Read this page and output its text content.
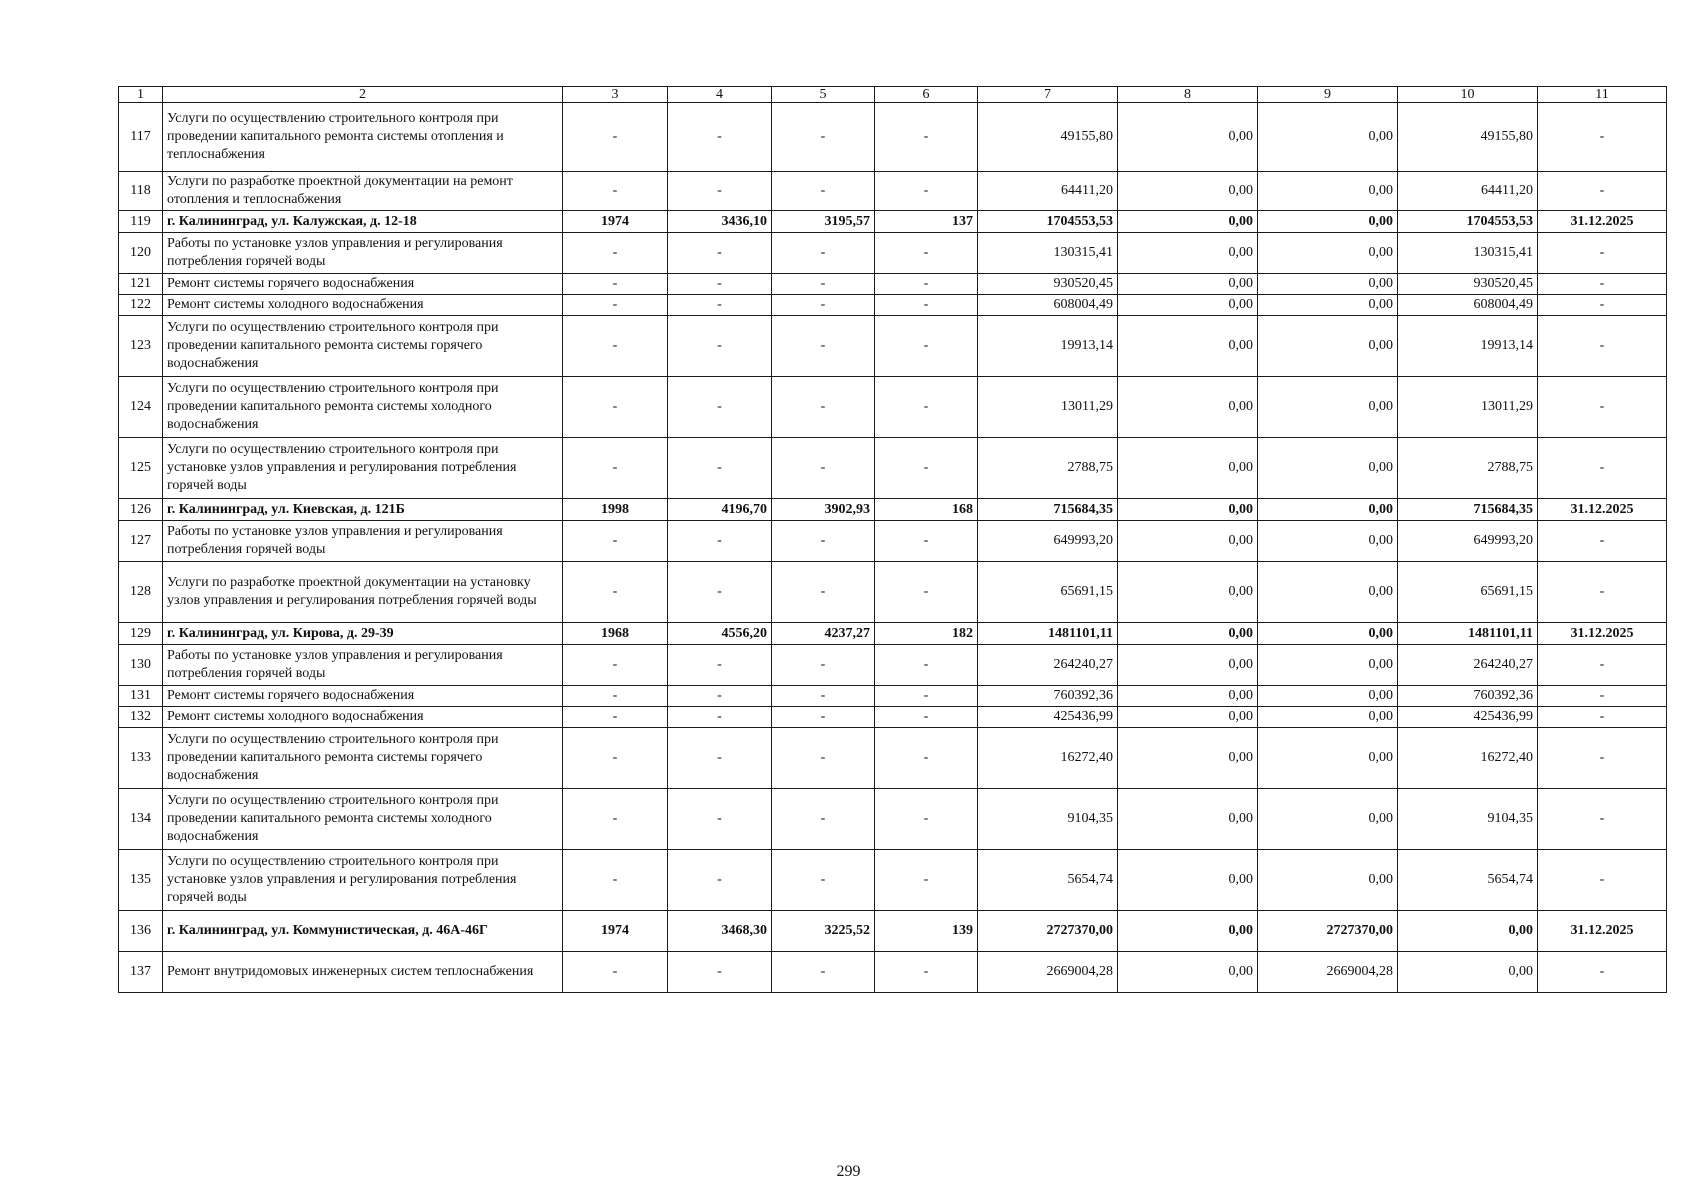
1	2	3	4	5	6	7	8	9	10	11
117	Услуги по осуществлению строительного контроля при проведении капитального ремонта системы отопления и теплоснабжения	-	-	-	-	49155,80	0,00	0,00	49155,80	-
118	Услуги по разработке проектной документации на ремонт отопления и теплоснабжения	-	-	-	-	64411,20	0,00	0,00	64411,20	-
119	г. Калининград, ул. Калужская, д. 12-18	1974	3436,10	3195,57	137	1704553,53	0,00	0,00	1704553,53	31.12.2025
120	Работы по установке узлов управления и регулирования потребления горячей воды	-	-	-	-	130315,41	0,00	0,00	130315,41	-
121	Ремонт системы горячего водоснабжения	-	-	-	-	930520,45	0,00	0,00	930520,45	-
122	Ремонт системы холодного водоснабжения	-	-	-	-	608004,49	0,00	0,00	608004,49	-
123	Услуги по осуществлению строительного контроля при проведении капитального ремонта системы горячего водоснабжения	-	-	-	-	19913,14	0,00	0,00	19913,14	-
124	Услуги по осуществлению строительного контроля при проведении капитального ремонта системы холодного водоснабжения	-	-	-	-	13011,29	0,00	0,00	13011,29	-
125	Услуги по осуществлению строительного контроля при установке узлов управления и регулирования потребления горячей воды	-	-	-	-	2788,75	0,00	0,00	2788,75	-
126	г. Калининград, ул. Киевская, д. 121Б	1998	4196,70	3902,93	168	715684,35	0,00	0,00	715684,35	31.12.2025
127	Работы по установке узлов управления и регулирования потребления горячей воды	-	-	-	-	649993,20	0,00	0,00	649993,20	-
128	Услуги по разработке проектной документации на установку узлов управления и регулирования потребления горячей воды	-	-	-	-	65691,15	0,00	0,00	65691,15	-
129	г. Калининград, ул. Кирова, д. 29-39	1968	4556,20	4237,27	182	1481101,11	0,00	0,00	1481101,11	31.12.2025
130	Работы по установке узлов управления и регулирования потребления горячей воды	-	-	-	-	264240,27	0,00	0,00	264240,27	-
131	Ремонт системы горячего водоснабжения	-	-	-	-	760392,36	0,00	0,00	760392,36	-
132	Ремонт системы холодного водоснабжения	-	-	-	-	425436,99	0,00	0,00	425436,99	-
133	Услуги по осуществлению строительного контроля при проведении капитального ремонта системы горячего водоснабжения	-	-	-	-	16272,40	0,00	0,00	16272,40	-
134	Услуги по осуществлению строительного контроля при проведении капитального ремонта системы холодного водоснабжения	-	-	-	-	9104,35	0,00	0,00	9104,35	-
135	Услуги по осуществлению строительного контроля при установке узлов управления и регулирования потребления горячей воды	-	-	-	-	5654,74	0,00	0,00	5654,74	-
136	г. Калининград, ул. Коммунистическая, д. 46А-46Г	1974	3468,30	3225,52	139	2727370,00	0,00	2727370,00	0,00	31.12.2025
137	Ремонт внутридомовых инженерных систем теплоснабжения	-	-	-	-	2669004,28	0,00	2669004,28	0,00	-
299
